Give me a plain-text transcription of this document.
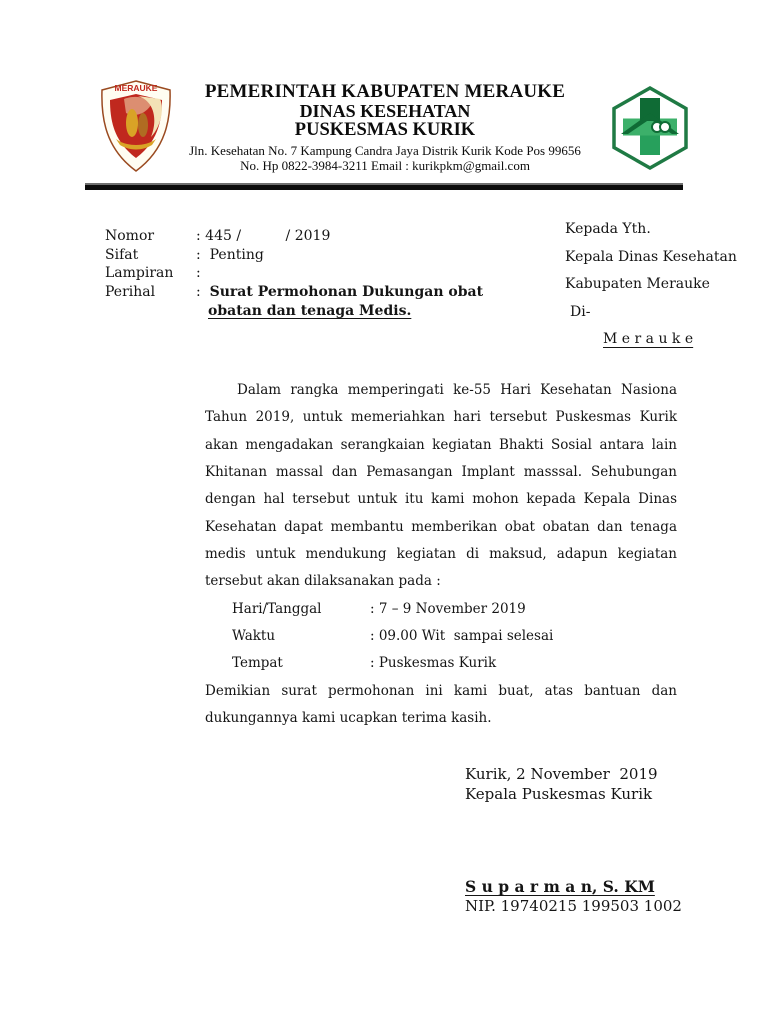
MERAUKE	PEMERINTAH KABUPATEN MERAUKE
DINAS KESEHATAN
PUSKESMAS KURIK
Jln. Kesehatan No. 7 Kampung Candra Jaya Distrik Kurik Kode Pos 99656
No. Hp 0822-3984-3211 Email : kurikpkm@gmail.com
Nomor	: 445 /          / 2019
Sifat	:  Penting
Lampiran	:
Perihal	: Surat Permohonan Dukungan obat
obatan dan tenaga Medis.
Kepada Yth.
Kepala Dinas Kesehatan
Kabupaten Merauke
Di-
M e r a u k e
Dalam rangka memperingati ke-55 Hari Kesehatan Nasiona
Tahun 2019, untuk memeriahkan hari tersebut Puskesmas Kurik
akan mengadakan serangkaian kegiatan Bhakti Sosial antara lain
Khitanan massal dan Pemasangan Implant masssal. Sehubungan
dengan hal tersebut untuk itu kami mohon kepada Kepala Dinas
Kesehatan dapat membantu memberikan obat obatan dan tenaga
medis untuk mendukung kegiatan di maksud, adapun kegiatan
tersebut akan dilaksanakan pada :
Hari/Tanggal	: 7 – 9 November 2019
Waktu	: 09.00 Wit  sampai selesai
Tempat	: Puskesmas Kurik
Demikian surat permohonan ini kami buat, atas bantuan dan
dukungannya kami ucapkan terima kasih.
Kurik, 2 November  2019
Kepala Puskesmas Kurik
S u p a r m a n, S. KM
NIP. 19740215 199503 1002
